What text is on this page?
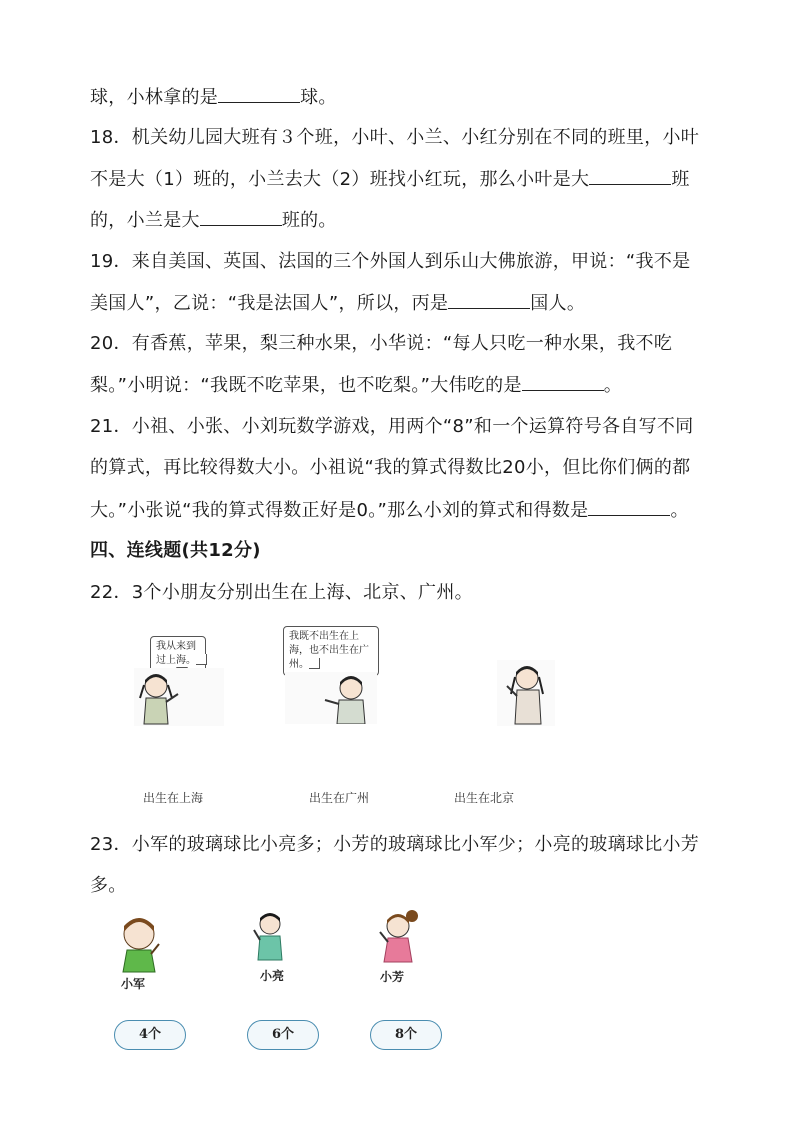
球，小林拿的是	球。
18．机关幼儿园大班有３个班，小叶、小兰、小红分别在不同的班里，小叶
不是大（1）班的，小兰去大（2）班找小红玩，那么小叶是大	班
的，小兰是大	班的。
19．来自美国、英国、法国的三个外国人到乐山大佛旅游，甲说：“我不是
美国人”，乙说：“我是法国人”，所以，丙是	国人。
20．有香蕉，苹果，梨三种水果，小华说：“每人只吃一种水果，我不吃
梨。”小明说：“我既不吃苹果，也不吃梨。”大伟吃的是	。
21．小祖、小张、小刘玩数学游戏，用两个“8”和一个运算符号各自写不同
的算式，再比较得数大小。小祖说“我的算式得数比20小，但比你们俩的都
大。”小张说“我的算式得数正好是0。”那么小刘的算式和得数是	。
四、连线题(共12分)
22．3个小朋友分别出生在上海、北京、广州。
我从来到过上海。
我既不出生在上海，也不出生在广州。
出生在上海	出生在广州	出生在北京
23．小军的玻璃球比小亮多；小芳的玻璃球比小军少；小亮的玻璃球比小芳
多。
小军
小亮	小芳
4个	6个	8个
